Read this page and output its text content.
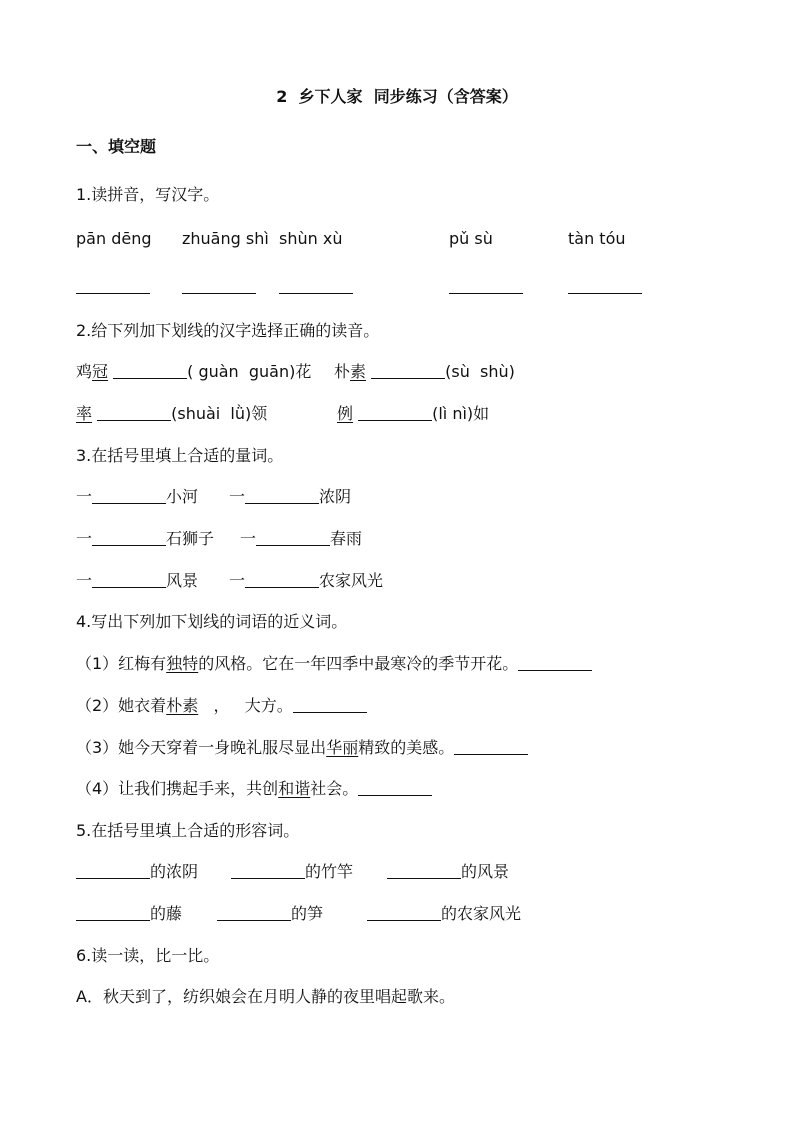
2  乡下人家  同步练习（含答案）
一、填空题
1.读拼音，写汉字。
pān dēng zhuāng shì shùn xù	pǔ sù	tàn tóu
2.给下列加下划线的汉字选择正确的读音。
鸡冠	( guàn  guān)花 朴素	(sù  shù)
率	(shuài  lǜ)领	例	(lì nì)如
3.在括号里填上合适的量词。
一	小河 一	浓阴
一	石狮子 一	春雨
一	风景 一	农家风光
4.写出下列加下划线的词语的近义词。
（1）红梅有独特的风格。它在一年四季中最寒冷的季节开花。
（2）她衣着朴素   ，   大方。
（3）她今天穿着一身晚礼服尽显出华丽精致的美感。
（4）让我们携起手来，共创和谐社会。
5.在括号里填上合适的形容词。
的浓阴	的竹竿	的风景
的藤	的笋	的农家风光
6.读一读，比一比。
A．秋天到了，纺织娘会在月明人静的夜里唱起歌来。
